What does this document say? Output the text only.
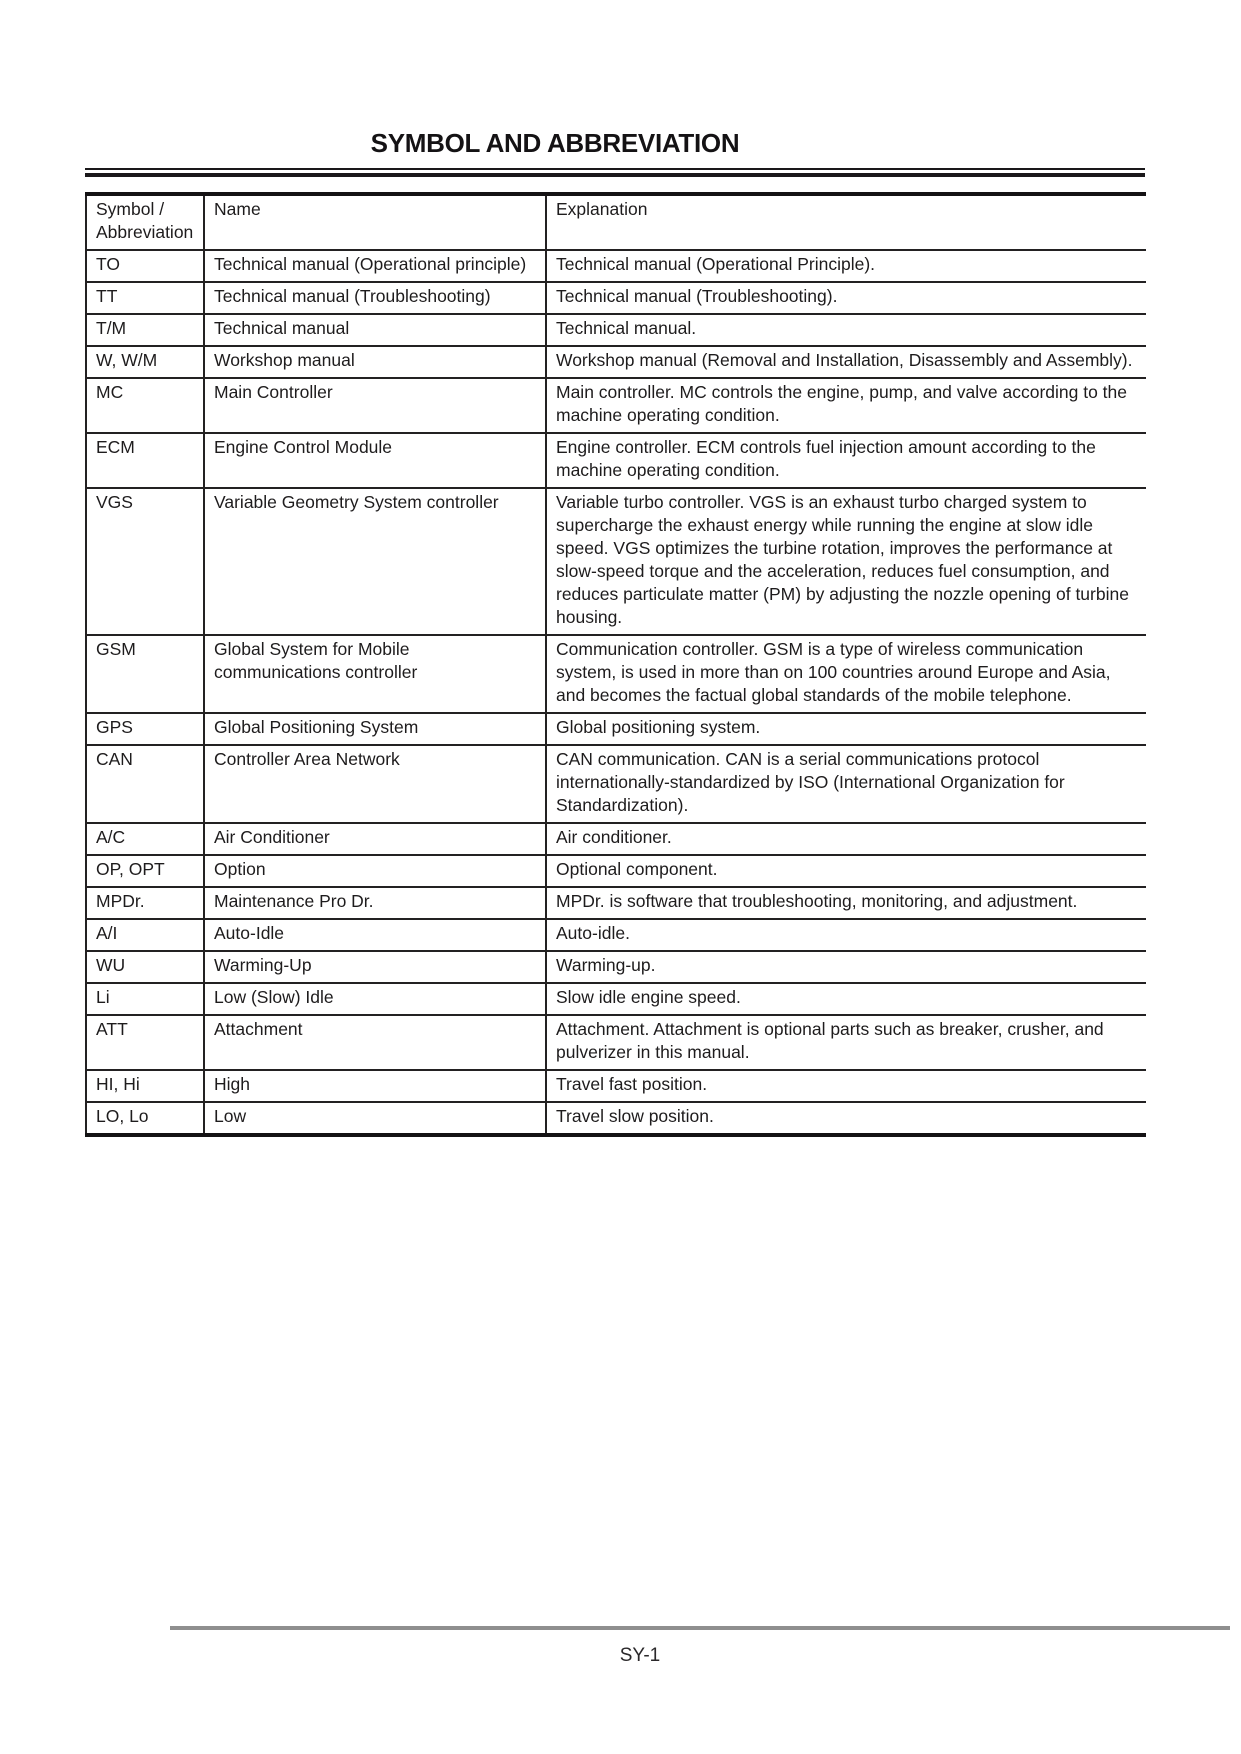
SYMBOL AND ABBREVIATION
Symbol / Abbreviation	Name	Explanation
TO	Technical manual (Operational principle)	Technical manual (Operational Principle).
TT	Technical manual (Troubleshooting)	Technical manual (Troubleshooting).
T/M	Technical manual	Technical manual.
W, W/M	Workshop manual	Workshop manual (Removal and Installation, Disassembly and Assembly).
MC	Main Controller	Main controller. MC controls the engine, pump, and valve according to the machine operating condition.
ECM	Engine Control Module	Engine controller. ECM controls fuel injection amount according to the machine operating condition.
VGS	Variable Geometry System controller	Variable turbo controller. VGS is an exhaust turbo charged system to supercharge the exhaust energy while running the engine at slow idle speed. VGS optimizes the turbine rotation, improves the performance at slow-speed torque and the acceleration, reduces fuel consumption, and reduces particulate matter (PM) by adjusting the nozzle opening of turbine housing.
GSM	Global System for Mobile communications controller	Communication controller. GSM is a type of wireless communication system, is used in more than on 100 countries around Europe and Asia, and becomes the factual global standards of the mobile telephone.
GPS	Global Positioning System	Global positioning system.
CAN	Controller Area Network	CAN communication. CAN is a serial communications protocol internationally-standardized by ISO (International Organization for Standardization).
A/C	Air Conditioner	Air conditioner.
OP, OPT	Option	Optional component.
MPDr.	Maintenance Pro Dr.	MPDr. is software that troubleshooting, monitoring, and adjustment.
A/I	Auto-Idle	Auto-idle.
WU	Warming-Up	Warming-up.
Li	Low (Slow) Idle	Slow idle engine speed.
ATT	Attachment	Attachment. Attachment is optional parts such as breaker, crusher, and pulverizer in this manual.
HI, Hi	High	Travel fast position.
LO, Lo	Low	Travel slow position.
SY-1
